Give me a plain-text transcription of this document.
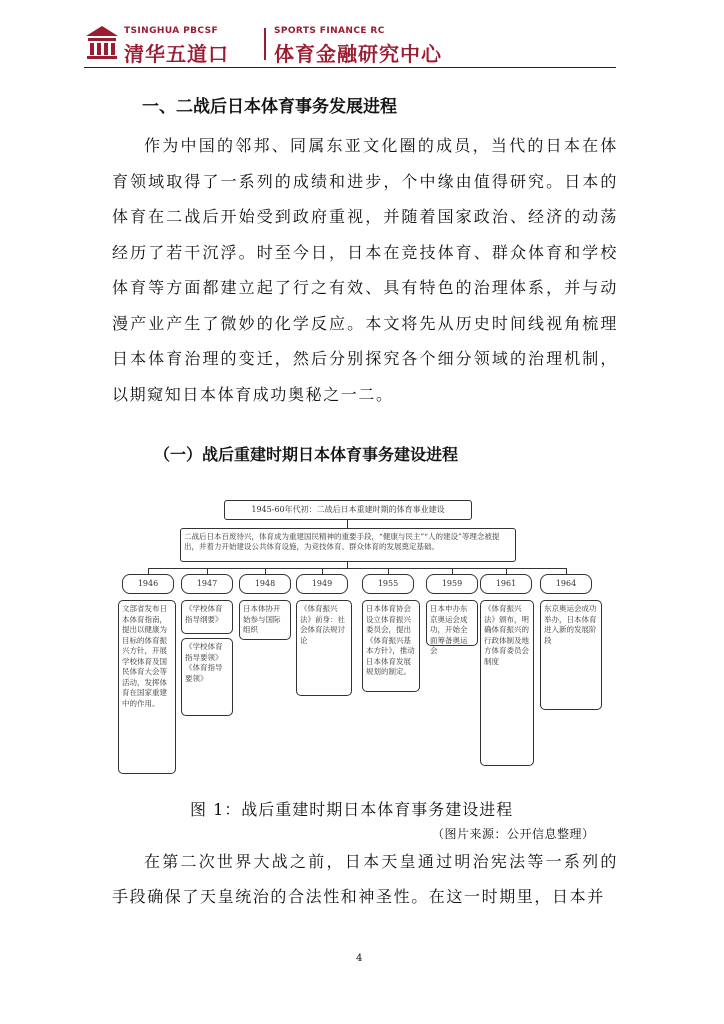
TSINGHUA PBCSF
清华五道口
SPORTS FINANCE RC
体育金融研究中心
一、二战后日本体育事务发展进程
作为中国的邻邦、同属东亚文化圈的成员，当代的日本在体育领域取得了一系列的成绩和进步，个中缘由值得研究。日本的体育在二战后开始受到政府重视，并随着国家政治、经济的动荡经历了若干沉浮。时至今日，日本在竞技体育、群众体育和学校体育等方面都建立起了行之有效、具有特色的治理体系，并与动漫产业产生了微妙的化学反应。本文将先从历史时间线视角梳理日本体育治理的变迁，然后分别探究各个细分领域的治理机制，以期窥知日本体育成功奥秘之一二。
（一）战后重建时期日本体育事务建设进程
1945-60年代初：二战后日本重建时期的体育事业建设
二战后日本百废待兴，体育成为重建国民精神的重要手段，“健康与民主”“人的建设”等理念被提出，并着力开始建设公共体育设施，为竞技体育、群众体育的发展奠定基础。
1946	1947	1948	1949	1955	1959	1961	1964
文部省发布日本体育指南，提出以健康为目标的体育振兴方针，开展学校体育及国民体育大会等活动，发挥体育在国家重建中的作用。
《学校体育指导纲要》
《学校体育指导要领》《体育指导要领》
日本体协开始参与国际组织
《体育振兴法》前身：社会体育法规讨论
日本体育协会设立体育振兴委员会，提出《体育振兴基本方针》，推动日本体育发展规划的制定。
日本申办东京奥运会成功，开始全面筹备奥运会
《体育振兴法》颁布，明确体育振兴的行政体制及地方体育委员会制度
东京奥运会成功举办，日本体育进入新的发展阶段
图 1：战后重建时期日本体育事务建设进程
（图片来源：公开信息整理）
在第二次世界大战之前，日本天皇通过明治宪法等一系列的手段确保了天皇统治的合法性和神圣性。在这一时期里，日本并
4
